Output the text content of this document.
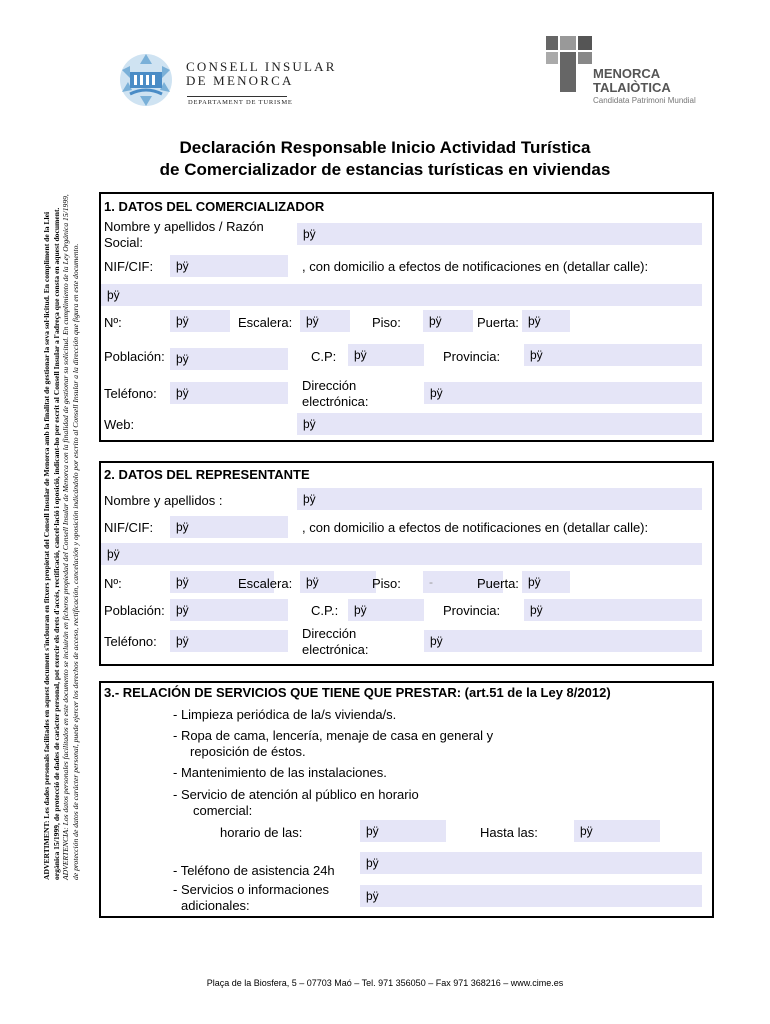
CONSELL INSULAR
DE MENORCA
DEPARTAMENT DE TURISME
MENORCA
TALAIÒTICA
Candidata Patrimoni Mundial
Declaración Responsable Inicio Actividad Turística
de Comercializador de estancias turísticas en viviendas
ADVERTIMENT: Les dades personals facilitades en aquest document s'inclouran en fitxers propietat del Consell Insular de Menorca amb la finalitat de gestionar la seva sol·licitud. En compliment de la Llei orgànica 15/1999, de protecció de dades de caràcter personal, pot exercir els drets d'accés, rectificació, cancel·lació i oposició, indicant-ho per escrit al Consell Insular a l'adreça que consta en aquest document. ADVERTENCIA: Los datos personales facilitados en este documento se incluirán en ficheros propiedad del Consell Insular de Menorca con la finalidad de gestionar su solicitud. En cumplimiento de la Ley Orgánica 15/1999, de protección de datos de carácter personal, puede ejercer los derechos de acceso, rectificación, cancelación y oposición indicándolo por escrito al Consell Insular a la dirección que figura en este documento.
1. DATOS DEL COMERCIALIZADOR
Nombre y apellidos / Razón
Social:
þÿ
NIF/CIF:	þÿ	, con domicilio a efectos de notificaciones en (detallar calle):
þÿ
Nº:	þÿ	Escalera:	þÿ	Piso:	þÿ	Puerta: þÿ
Población: þÿ	C.P:	þÿ	Provincia:	þÿ
Teléfono:	þÿ	Dirección
electrónica:
þÿ
Web:	þÿ
2. DATOS DEL REPRESENTANTE
Nombre y apellidos :	þÿ
NIF/CIF:	þÿ	, con domicilio a efectos de notificaciones en (detallar calle):
þÿ
Nº:	þÿ	Escalera:	þÿ	Piso:	-	Puerta: þÿ
Población: þÿ	C.P.:	þÿ	Provincia:	þÿ
Teléfono:	þÿ	Dirección
electrónica:
þÿ
3.- RELACIÓN DE SERVICIOS QUE TIENE QUE PRESTAR: (art.51 de la Ley 8/2012)
- Limpieza periódica de la/s vivienda/s.
- Ropa de cama, lencería, menaje de casa en general y
reposición de éstos.
- Mantenimiento de las instalaciones.
- Servicio de atención al público en horario
comercial:
horario de las:	þÿ	Hasta las:	þÿ
- Teléfono de asistencia 24h	þÿ
- Servicios o informaciones
adicionales:
þÿ
Plaça de la Biosfera, 5 – 07703 Maó – Tel. 971 356050 – Fax 971 368216 – www.cime.es
